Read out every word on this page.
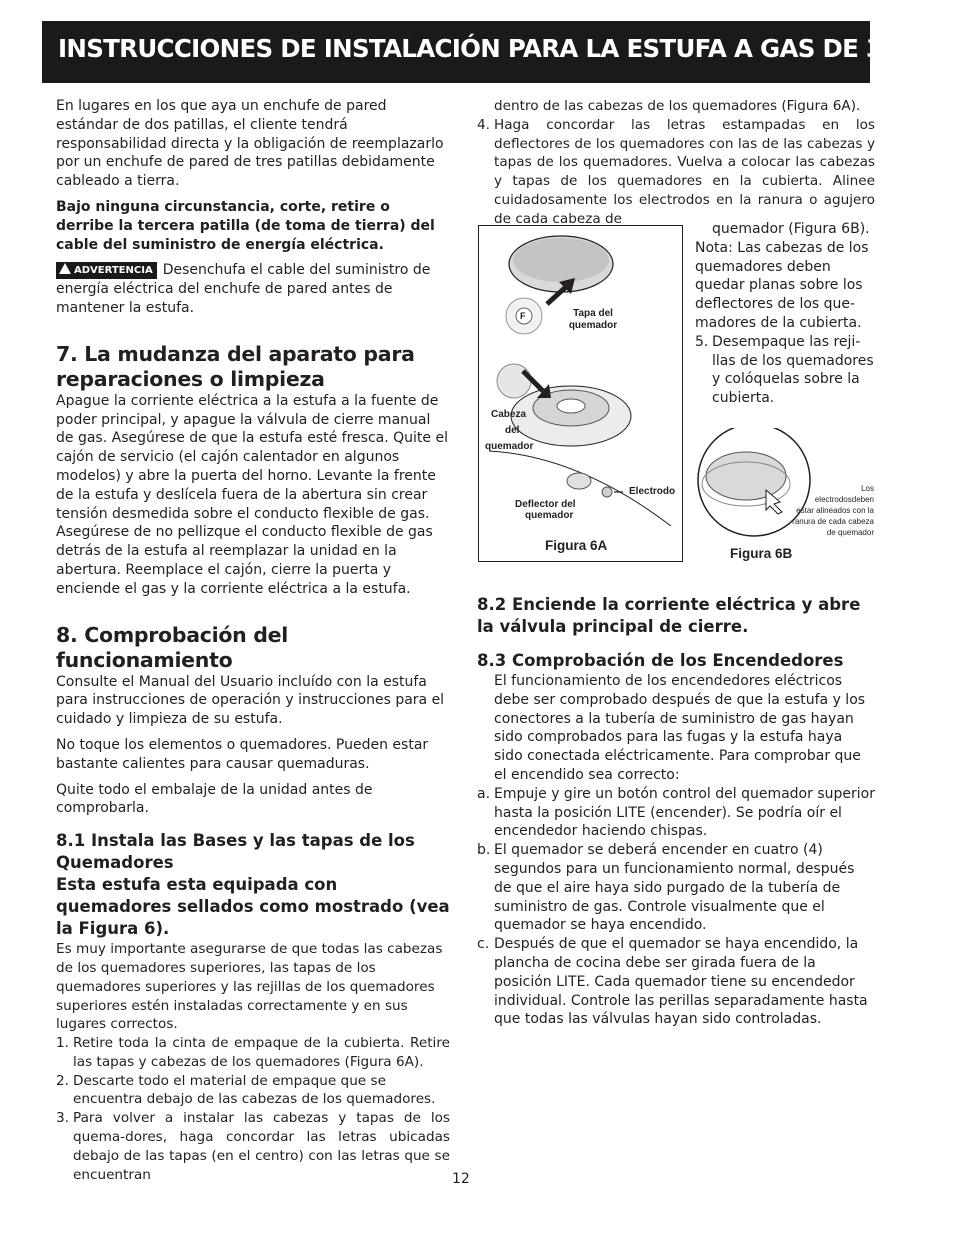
INSTRUCCIONES DE INSTALACIÓN PARA LA ESTUFA A GAS DE 36"

En lugares en los que aya un enchufe de pared estándar de dos patillas, el cliente tendrá responsabilidad directa y la obligación de reemplazarlo por un enchufe de pared de tres patillas debidamente cableado a tierra.

Bajo ninguna circunstancia, corte, retire o derribe la tercera patilla (de toma de tierra) del cable del suministro de energía eléctrica.

ADVERTENCIA Desenchufa el cable del suministro de energía eléctrica del enchufe de pared antes de mantener la estufa.

7. La mudanza del aparato para reparaciones o limpieza

Apague la corriente eléctrica a la estufa a la fuente de poder principal, y apague la válvula de cierre manual de gas. Asegúrese de que la estufa esté fresca. Quite el cajón de servicio (el cajón calentador en algunos modelos) y abre la puerta del horno. Levante la frente de la estufa y deslícela fuera de la abertura sin crear tensión desmedida sobre el conducto flexible de gas. Asegúrese de no pellizque el conducto flexible de gas detrás de la estufa al reemplazar la unidad en la abertura. Reemplace el cajón, cierre la puerta y enciende el gas y la corriente eléctrica a la estufa.

8. Comprobación del funcionamiento

Consulte el Manual del Usuario incluído con la estufa para instrucciones de operación y instrucciones para el cuidado y limpieza de su estufa.

No toque los elementos o quemadores. Pueden estar bastante calientes para causar quemaduras.

Quite todo el embalaje de la unidad antes de comprobarla.

8.1 Instala las Bases y las tapas de los Quemadores
Esta estufa esta equipada con quemadores sellados como mostrado (vea la Figura 6).

Es muy importante asegurarse de que todas las cabezas de los quemadores superiores, las tapas de los quemadores superiores y las rejillas de los quemadores superiores estén instaladas correctamente y en sus lugares correctos.

1. Retire toda la cinta de empaque de la cubierta. Retire las tapas y cabezas de los quemadores (Figura 6A).
2. Descarte todo el material de empaque que se encuentra debajo de las cabezas de los quemadores.
3. Para volver a instalar las cabezas y tapas de los quema-dores, haga concordar las letras ubicadas debajo de las tapas (en el centro) con las letras que se encuentran

dentro de las cabezas de los quemadores (Figura 6A).

4. Haga concordar las letras estampadas en los deflectores de los quemadores con las de las cabezas y tapas de los quemadores. Vuelva a colocar las cabezas y tapas de los quemadores en la cubierta. Alinee cuidadosamente los electrodos en la ranura o agujero de cada cabeza de
quemador (Figura 6B).
Nota: Las cabezas de los quemadores deben quedar planas sobre los deflectores de los que-madores de la cubierta.
5. Desempaque las reji-llas de los quemadores y colóquelas sobre la cubierta.
F	Tapa del quemador
Cabeza
del
quemador
Electrodo
Deflector del
quemador
Figura 6A
Los
electrodosdeben
estar alineados con la
ranura de cada cabeza
de quemador
Figura 6B
8.2 Enciende la corriente eléctrica y abre la válvula principal de cierre.
8.3 Comprobación de los Encendedores

El funcionamiento de los encendedores eléctricos debe ser comprobado después de que la estufa y los conectores a la tubería de suministro de gas hayan sido comprobados para las fugas y la estufa haya sido conectada eléctricamente. Para comprobar que el encendido sea correcto:

a. Empuje y gire un botón control del quemador superior hasta la posición LITE (encender). Se podría oír el encendedor haciendo chispas.
b. El quemador se deberá encender en cuatro (4) segundos para un funcionamiento normal, después de que el aire haya sido purgado de la tubería de suministro de gas. Controle visualmente que el quemador se haya encendido.
c. Después de que el quemador se haya encendido, la plancha de cocina debe ser girada fuera de la posición LITE. Cada quemador tiene su encendedor individual. Controle las perillas separadamente hasta que todas las válvulas hayan sido controladas.
12
